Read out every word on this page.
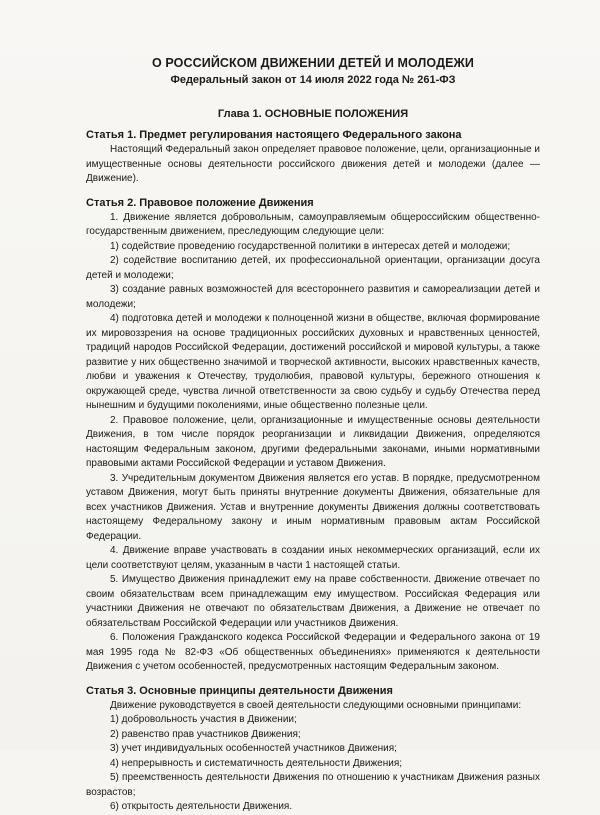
О РОССИЙСКОМ ДВИЖЕНИИ ДЕТЕЙ И МОЛОДЕЖИ
Федеральный закон от 14 июля 2022 года № 261-ФЗ
Глава 1. ОСНОВНЫЕ ПОЛОЖЕНИЯ
Статья 1. Предмет регулирования настоящего Федерального закона

Настоящий Федеральный закон определяет правовое положение, цели, организационные и имущественные основы деятельности российского движения детей и молодежи (далее — Движение).

Статья 2. Правовое положение Движения

1. Движение является добровольным, самоуправляемым общероссийским общественно-государственным движением, преследующим следующие цели:

1) содействие проведению государственной политики в интересах детей и молодежи;

2) содействие воспитанию детей, их профессиональной ориентации, организации досуга детей и молодежи;

3) создание равных возможностей для всестороннего развития и самореализации детей и молодежи;

4) подготовка детей и молодежи к полноценной жизни в обществе, включая формирование их мировоззрения на основе традиционных российских духовных и нравственных ценностей, традиций народов Российской Федерации, достижений российской и мировой культуры, а также развитие у них общественно значимой и творческой активности, высоких нравственных качеств, любви и уважения к Отечеству, трудолюбия, правовой культуры, бережного отношения к окружающей среде, чувства личной ответственности за свою судьбу и судьбу Отечества перед нынешним и будущими поколениями, иные общественно полезные цели.

2. Правовое положение, цели, организационные и имущественные основы деятельности Движения, в том числе порядок реорганизации и ликвидации Движения, определяются настоящим Федеральным законом, другими федеральными законами, иными нормативными правовыми актами Российской Федерации и уставом Движения.

3. Учредительным документом Движения является его устав. В порядке, предусмотренном уставом Движения, могут быть приняты внутренние документы Движения, обязательные для всех участников Движения. Устав и внутренние документы Движения должны соответствовать настоящему Федеральному закону и иным нормативным правовым актам Российской Федерации.

4. Движение вправе участвовать в создании иных некоммерческих организаций, если их цели соответствуют целям, указанным в части 1 настоящей статьи.

5. Имущество Движения принадлежит ему на праве собственности. Движение отвечает по своим обязательствам всем принадлежащим ему имуществом. Российская Федерация или участники Движения не отвечают по обязательствам Движения, а Движение не отвечает по обязательствам Российской Федерации или участников Движения.

6. Положения Гражданского кодекса Российской Федерации и Федерального закона от 19 мая 1995 года № 82-ФЗ «Об общественных объединениях» применяются к деятельности Движения с учетом особенностей, предусмотренных настоящим Федеральным законом.

Статья 3. Основные принципы деятельности Движения

Движение руководствуется в своей деятельности следующими основными принципами:

1) добровольность участия в Движении;

2) равенство прав участников Движения;

3) учет индивидуальных особенностей участников Движения;

4) непрерывность и систематичность деятельности Движения;

5) преемственность деятельности Движения по отношению к участникам Движения разных возрастов;

6) открытость деятельности Движения.
